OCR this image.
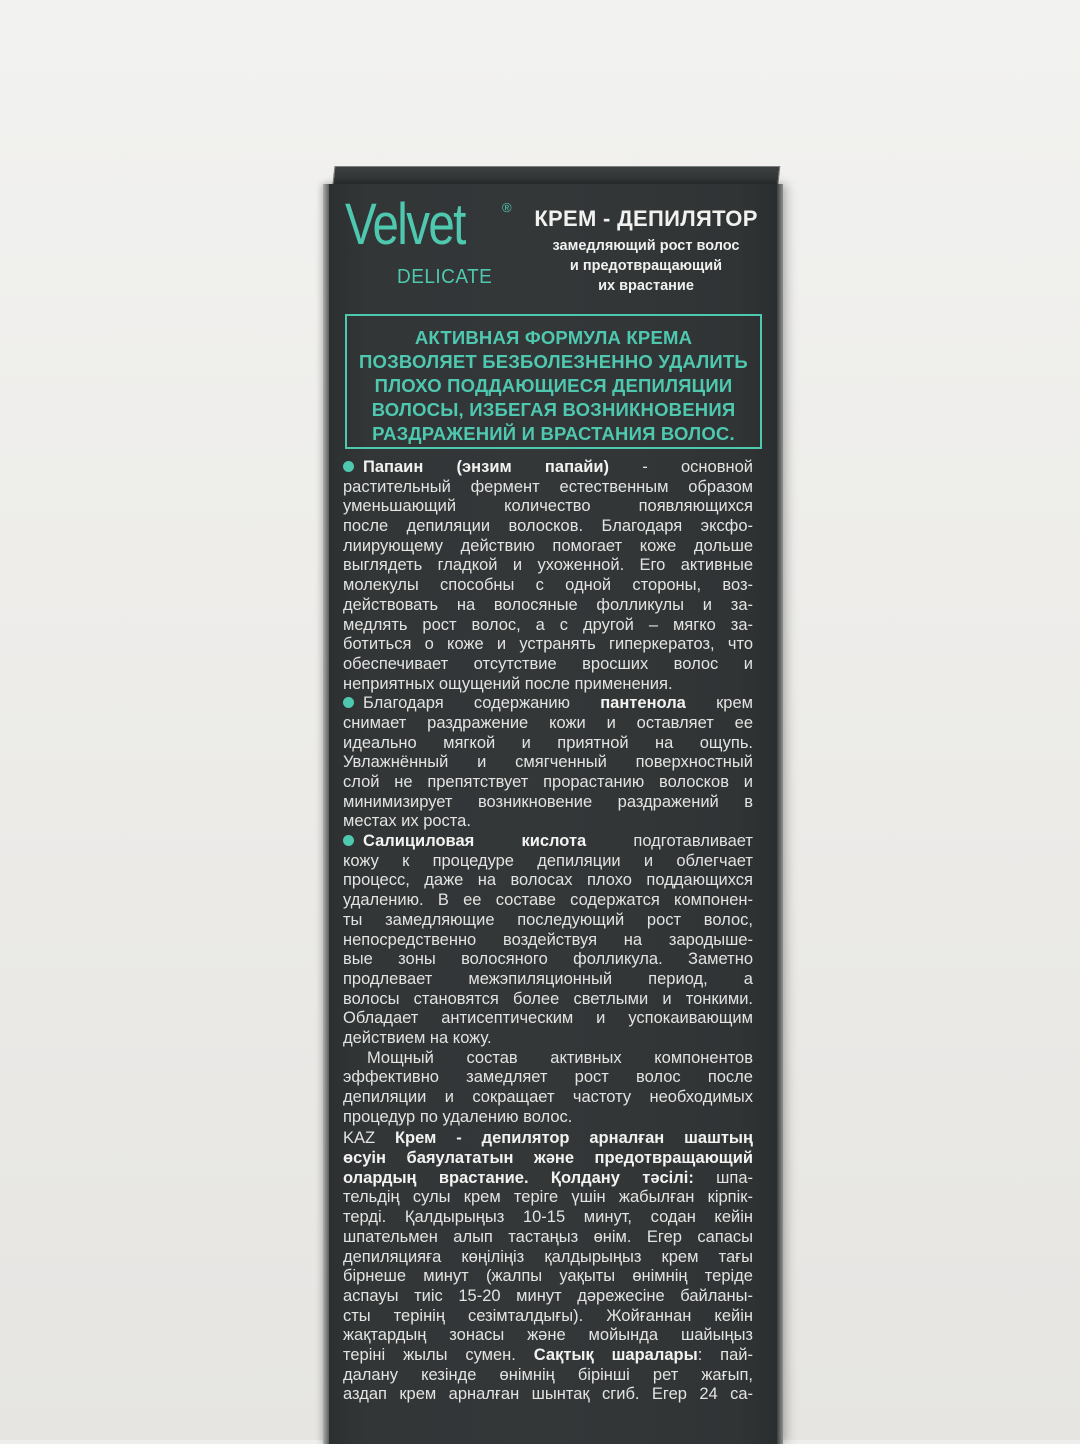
Velvet	®
DELICATE
КРЕМ - ДЕПИЛЯТОР
замедляющий рост волос
и предотвращающий
их врастание
АКТИВНАЯ ФОРМУЛА КРЕМА
ПОЗВОЛЯЕТ БЕЗБОЛЕЗНЕННО УДАЛИТЬ
ПЛОХО ПОДДАЮЩИЕСЯ ДЕПИЛЯЦИИ
ВОЛОСЫ, ИЗБЕГАЯ ВОЗНИКНОВЕНИЯ
РАЗДРАЖЕНИЙ И ВРАСТАНИЯ ВОЛОС.
Папаин (энзим папайи) - основной
растительный фермент естественным образом
уменьшающий количество появляющихся
после депиляции волосков. Благодаря эксфо-
лиирующему действию помогает коже дольше
выглядеть гладкой и ухоженной. Его активные
молекулы способны с одной стороны, воз-
действовать на волосяные фолликулы и за-
медлять рост волос, а с другой – мягко за-
ботиться о коже и устранять гиперкератоз, что
обеспечивает отсутствие вросших волос и
неприятных ощущений после применения.
Благодаря содержанию пантенола крем
снимает раздражение кожи и оставляет ее
идеально мягкой и приятной на ощупь.
Увлажнённый и смягченный поверхностный
слой не препятствует прорастанию волосков и
минимизирует возникновение раздражений в
местах их роста.
Салициловая кислота подготавливает
кожу к процедуре депиляции и облегчает
процесс, даже на волосах плохо поддающихся
удалению. В ее составе содержатся компонен-
ты замедляющие последующий рост волос,
непосредственно воздействуя на зародыше-
вые зоны волосяного фолликула. Заметно
продлевает межэпиляционный период, а
волосы становятся более светлыми и тонкими.
Обладает антисептическим и успокаивающим
действием на кожу.
Мощный состав активных компонентов
эффективно замедляет рост волос после
депиляции и сокращает частоту необходимых
процедур по удалению волос.
KAZ Крем - депилятор арналған шаштың
өсуін баяулататын және предотвращающий
олардың врастание. Қолдану тәсілі: шпа-
тельдің сулы крем теріге үшін жабылған кірпік-
терді. Қалдырыңыз 10-15 минут, содан кейін
шпательмен алып тастаңыз өнім. Егер сапасы
депиляцияға көңіліңіз қалдырыңыз крем тағы
бірнеше минут (жалпы уақыты өнімнің теріде
аспауы тиіс 15-20 минут дәрежесіне байланы-
сты терінің сезімталдығы). Жойғаннан кейін
жақтардың зонасы және мойында шайыңыз
теріні жылы сумен. Сақтық шаралары: пай-
далану кезінде өнімнің бірінші рет жағып,
аздап крем арналған шынтақ сгиб. Егер 24 са-
